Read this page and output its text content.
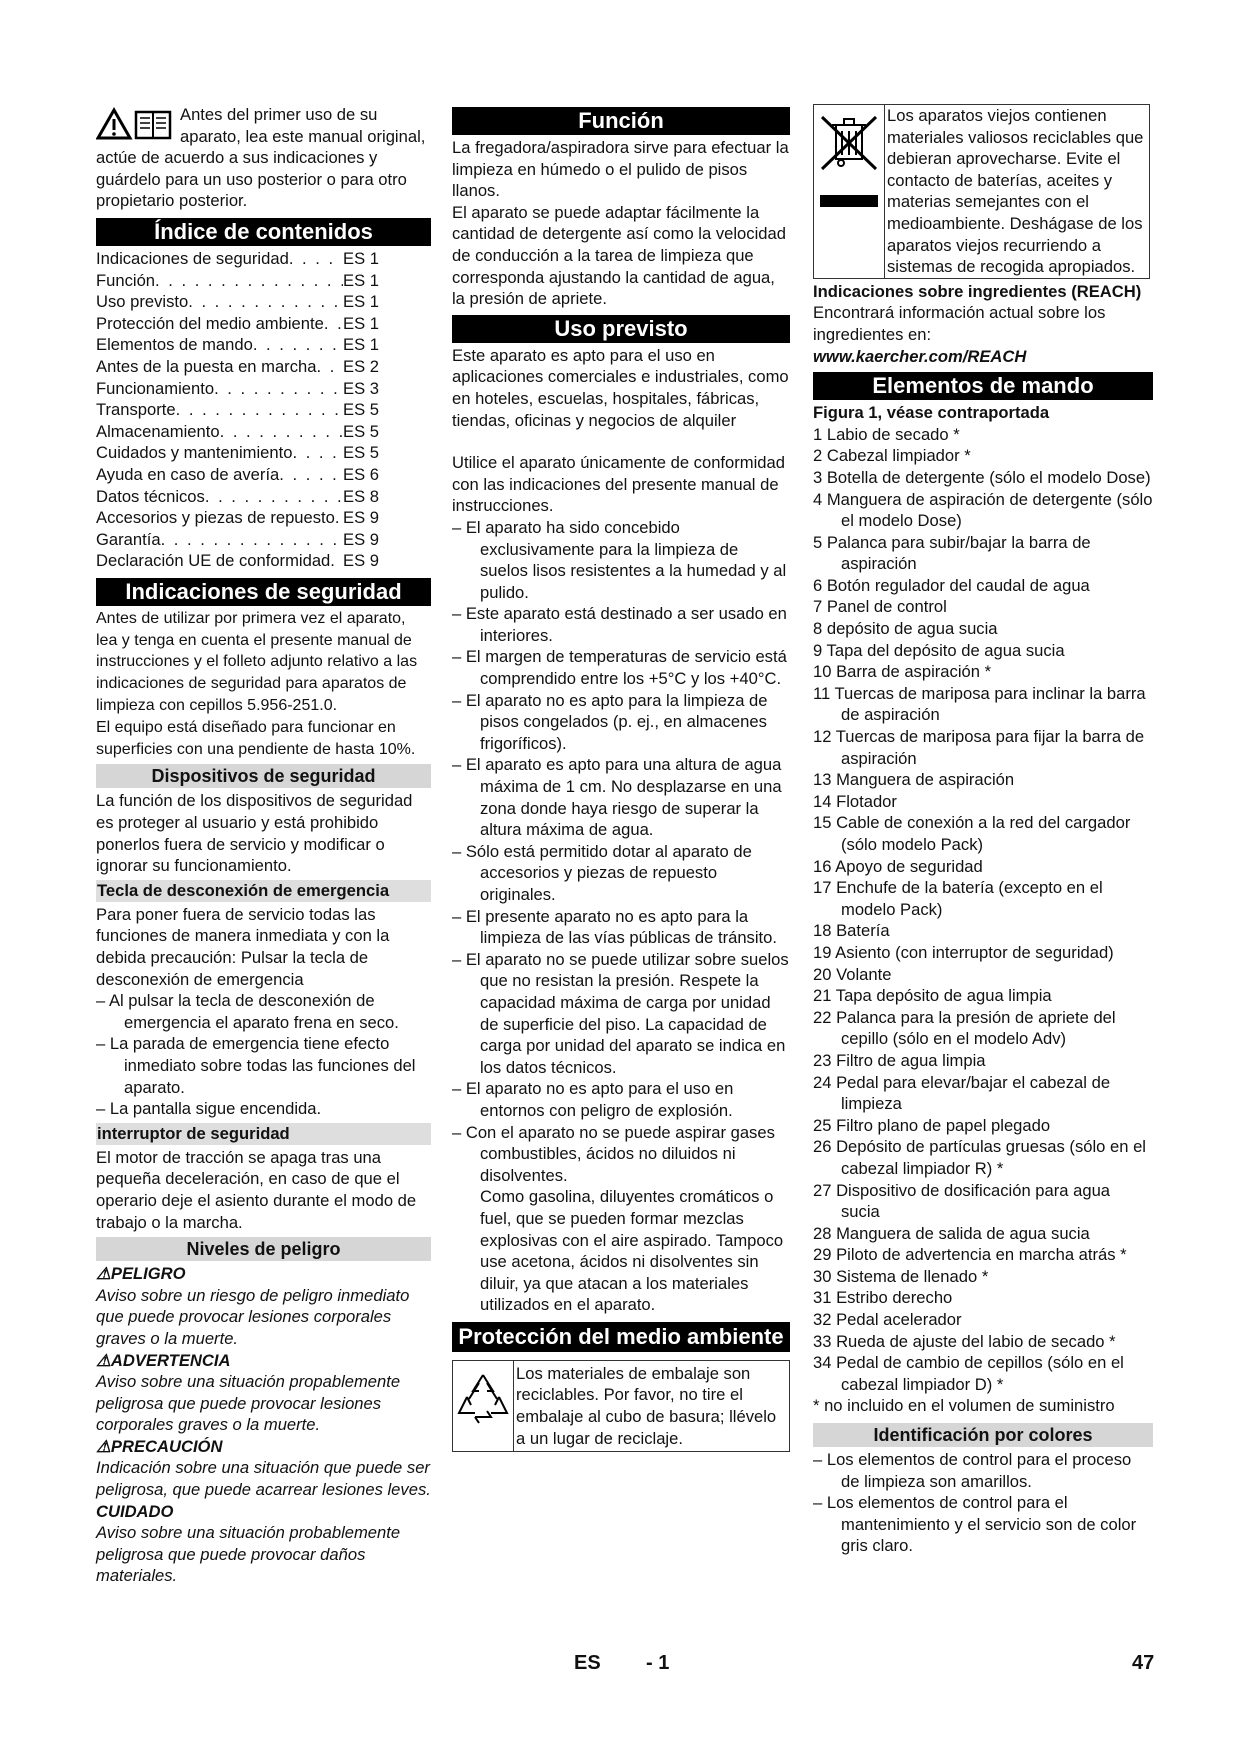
Antes del primer uso de su aparato, lea este manual original, actúe de acuerdo a sus indicaciones y guárdelo para un uso posterior o para otro propietario posterior.

Índice de contenidos
Indicaciones de seguridad . . .	ES 1
Función . . .	ES 1
Uso previsto . . .	ES 1
Protección del medio ambiente . . . ES 1
Elementos de mando . . .	ES 1
Antes de la puesta en marcha . . . ES 2
Funcionamiento . . .	ES 3
Transporte . . .	ES 5
Almacenamiento . . .	ES 5
Cuidados y mantenimiento . . .	ES 5
Ayuda en caso de avería . . .	ES 6
Datos técnicos . . .	ES 8
Accesorios y piezas de repuesto . . . ES 9
Garantía . . .	ES 9
Declaración UE de conformidad . . . ES 9
Indicaciones de seguridad

Antes de utilizar por primera vez el aparato, lea y tenga en cuenta el presente manual de instrucciones y el folleto adjunto relativo a las indicaciones de seguridad para aparatos de limpieza con cepillos 5.956-251.0.

El equipo está diseñado para funcionar en superficies con una pendiente de hasta 10%.

Dispositivos de seguridad

La función de los dispositivos de seguridad es proteger al usuario y está prohibido ponerlos fuera de servicio y modificar o ignorar su funcionamiento.

Tecla de desconexión de emergencia

Para poner fuera de servicio todas las funciones de manera inmediata y con la debida precaución: Pulsar la tecla de desconexión de emergencia

– Al pulsar la tecla de desconexión de emergencia el aparato frena en seco.

– La parada de emergencia tiene efecto inmediato sobre todas las funciones del aparato.

– La pantalla sigue encendida.

interruptor de seguridad

El motor de tracción se apaga tras una pequeña deceleración, en caso de que el operario deje el asiento durante el modo de trabajo o la marcha.

Niveles de peligro

⚠PELIGRO

Aviso sobre un riesgo de peligro inmediato que puede provocar lesiones corporales graves o la muerte.

⚠ADVERTENCIA

Aviso sobre una situación propablemente peligrosa que puede provocar lesiones corporales graves o la muerte.

⚠PRECAUCIÓN

Indicación sobre una situación que puede ser peligrosa, que puede acarrear lesiones leves.

CUIDADO

Aviso sobre una situación probablemente peligrosa que puede provocar daños materiales.

Función

La fregadora/aspiradora sirve para efectuar la limpieza en húmedo o el pulido de pisos llanos.

El aparato se puede adaptar fácilmente la cantidad de detergente así como la velocidad de conducción a la tarea de limpieza que corresponda ajustando la cantidad de agua, la presión de apriete.

Uso previsto

Este aparato es apto para el uso en aplicaciones comerciales e industriales, como en hoteles, escuelas, hospitales, fábricas, tiendas, oficinas y negocios de alquiler

Utilice el aparato únicamente de conformidad con las indicaciones del presente manual de instrucciones.

– El aparato ha sido concebido exclusivamente para la limpieza de suelos lisos resistentes a la humedad y al pulido.

– Este aparato está destinado a ser usado en interiores.

– El margen de temperaturas de servicio está comprendido entre los +5°C y los +40°C.

– El aparato no es apto para la limpieza de pisos congelados (p. ej., en almacenes frigoríficos).

– El aparato es apto para una altura de agua máxima de 1 cm. No desplazarse en una zona donde haya riesgo de superar la altura máxima de agua.

– Sólo está permitido dotar al aparato de accesorios y piezas de repuesto originales.

– El presente aparato no es apto para la limpieza de las vías públicas de tránsito.

– El aparato no se puede utilizar sobre suelos que no resistan la presión. Respete la capacidad máxima de carga por unidad de superficie del piso. La capacidad de carga por unidad del aparato se indica en los datos técnicos.

– El aparato no es apto para el uso en entornos con peligro de explosión.

– Con el aparato no se puede aspirar gases combustibles, ácidos no diluidos ni disolventes.

Como gasolina, diluyentes cromáticos o fuel, que se pueden formar mezclas explosivas con el aire aspirado. Tampoco use acetona, ácidos ni disolventes sin diluir, ya que atacan a los materiales utilizados en el aparato.

Protección del medio ambiente

Los materiales de embalaje son reciclables. Por favor, no tire el embalaje al cubo de basura; llévelo a un lugar de reciclaje.

Los aparatos viejos contienen materiales valiosos reciclables que debieran aprovecharse. Evite el contacto de baterías, aceites y materias semejantes con el medioambiente. Deshágase de los aparatos viejos recurriendo a sistemas de recogida apropiados.

Indicaciones sobre ingredientes (REACH)

Encontrará información actual sobre los ingredientes en:

www.kaercher.com/REACH

Elementos de mando

Figura 1, véase contraportada

1 Labio de secado *

2 Cabezal limpiador *

3 Botella de detergente (sólo el modelo Dose)

4 Manguera de aspiración de detergente (sólo el modelo Dose)

5 Palanca para subir/bajar la barra de aspiración

6 Botón regulador del caudal de agua

7 Panel de control

8 depósito de agua sucia

9 Tapa del depósito de agua sucia

10 Barra de aspiración *

11 Tuercas de mariposa para inclinar la barra de aspiración

12 Tuercas de mariposa para fijar la barra de aspiración

13 Manguera de aspiración

14 Flotador

15 Cable de conexión a la red del cargador (sólo modelo Pack)

16 Apoyo de seguridad

17 Enchufe de la batería (excepto en el modelo Pack)

18 Batería

19 Asiento (con interruptor de seguridad)

20 Volante

21 Tapa depósito de agua limpia

22 Palanca para la presión de apriete del cepillo (sólo en el modelo Adv)

23 Filtro de agua limpia

24 Pedal para elevar/bajar el cabezal de limpieza

25 Filtro plano de papel plegado

26 Depósito de partículas gruesas (sólo en el cabezal limpiador R) *

27 Dispositivo de dosificación para agua sucia

28 Manguera de salida de agua sucia

29 Piloto de advertencia en marcha atrás *

30 Sistema de llenado *

31 Estribo derecho

32 Pedal acelerador

33 Rueda de ajuste del labio de secado *

34 Pedal de cambio de cepillos (sólo en el cabezal limpiador D) *

* no incluido en el volumen de suministro

Identificación por colores

– Los elementos de control para el proceso de limpieza son amarillos.

– Los elementos de control para el mantenimiento y el servicio son de color gris claro.

ES - 1	47
